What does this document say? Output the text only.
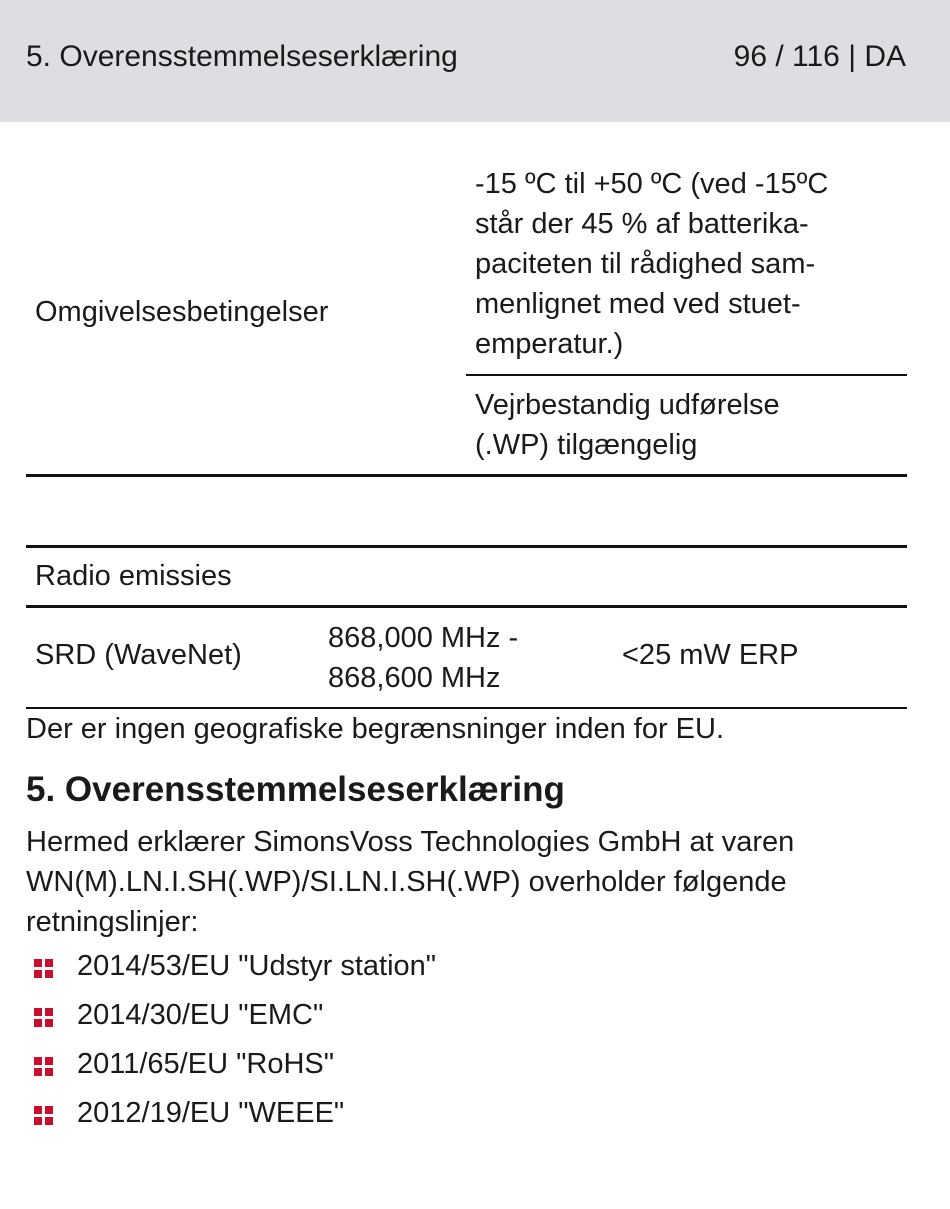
5. Overensstemmelseserklæring	96 / 116 | DA
Omgivelsesbetingelser
-15 ºC til +50 ºC (ved -15ºC
står der 45 % af batterika-
paciteten til rådighed sam-
menlignet med ved stuet-
emperatur.)
Vejrbestandig udførelse
(.WP) tilgængelig
Radio emissies
SRD (WaveNet)
868,000 MHz -
868,600 MHz
<25 mW ERP
Der er ingen geografiske begrænsninger inden for EU.
5. Overensstemmelseserklæring
Hermed erklærer SimonsVoss Technologies GmbH at varen
WN(M).LN.I.SH(.WP)/SI.LN.I.SH(.WP) overholder følgende
retningslinjer:
2014/53/EU "Udstyr station"
2014/30/EU "EMC"
2011/65/EU "RoHS"
2012/19/EU "WEEE"
